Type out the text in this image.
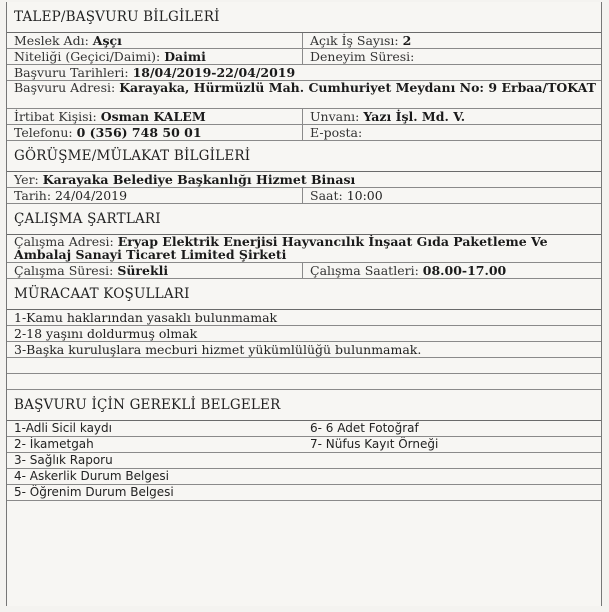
TALEP/BAŞVURU BİLGİLERİ
Meslek Adı: Aşçı	Açık İş Sayısı: 2
Niteliği (Geçici/Daimi): Daimi	Deneyim Süresi:
Başvuru Tarihleri: 18/04/2019-22/04/2019
Başvuru Adresi: Karayaka, Hürmüzlü Mah. Cumhuriyet Meydanı No: 9 Erbaa/TOKAT
İrtibat Kişisi: Osman KALEM	Unvanı: Yazı İşl. Md. V.
Telefonu: 0 (356) 748 50 01	E-posta:
GÖRÜŞME/MÜLAKAT BİLGİLERİ
Yer: Karayaka Belediye Başkanlığı Hizmet Binası
Tarih: 24/04/2019	Saat: 10:00
ÇALIŞMA ŞARTLARI
Çalışma Adresi: Eryap Elektrik Enerjisi Hayvancılık İnşaat Gıda Paketleme Ve Ambalaj Sanayi Ticaret Limited Şirketi
Çalışma Süresi: Sürekli	Çalışma Saatleri: 08.00-17.00
MÜRACAAT KOŞULLARI
1-Kamu haklarından yasaklı bulunmamak
2-18 yaşını doldurmuş olmak
3-Başka kuruluşlara mecburi hizmet yükümlülüğü bulunmamak.
BAŞVURU İÇİN GEREKLİ BELGELER
1-Adli Sicil kaydı	6- 6 Adet Fotoğraf
2- İkametgah	7- Nüfus Kayıt Örneği
3- Sağlık Raporu
4- Askerlik Durum Belgesi
5- Öğrenim Durum Belgesi
